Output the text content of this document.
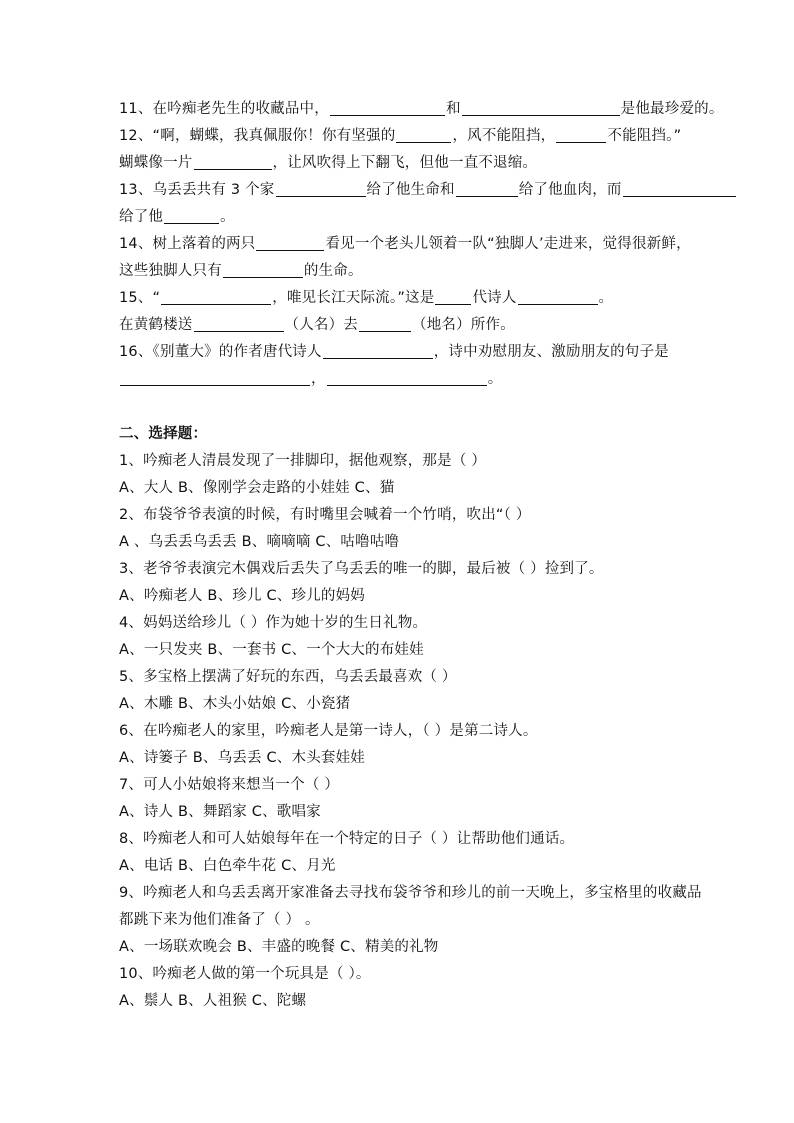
11、在吟痴老先生的收藏品中，	和	是他最珍爱的。
12、“啊，蝴蝶，我真佩服你！你有坚强的	，风不能阻挡，	不能阻挡。”
蝴蝶像一片	，让风吹得上下翻飞，但他一直不退缩。
13、乌丢丢共有 3 个家	给了他生命和	给了他血肉，而
给了他	。
14、树上落着的两只	看见一个老头儿领着一队“独脚人’走进来，觉得很新鲜，
这些独脚人只有	的生命。
15、“	，唯见长江天际流。”这是	代诗人	。
在黄鹤楼送	（人名）去	（地名）所作。
16、《别董大》的作者唐代诗人	，诗中劝慰朋友、激励朋友的句子是
，	。
二、选择题：
1、吟痴老人清晨发现了一排脚印，据他观察，那是（ ）
A、大人 B、像刚学会走路的小娃娃 C、猫
2、布袋爷爷表演的时候，有时嘴里会喊着一个竹哨，吹出“（ ）
A 、乌丢丢乌丢丢 B、嘀嘀嘀 C、咕噜咕噜
3、老爷爷表演完木偶戏后丢失了乌丢丢的唯一的脚，最后被（ ）捡到了。
A、吟痴老人 B、珍儿 C、珍儿的妈妈
4、妈妈送给珍儿（ ）作为她十岁的生日礼物。
A、一只发夹 B、一套书 C、一个大大的布娃娃
5、多宝格上摆满了好玩的东西，乌丢丢最喜欢（ ）
A、木雕 B、木头小姑娘 C、小瓷猪
6、在吟痴老人的家里，吟痴老人是第一诗人，（ ）是第二诗人。
A、诗篓子 B、乌丢丢 C、木头套娃娃
7、可人小姑娘将来想当一个（ ）
A、诗人 B、舞蹈家 C、歌唱家
8、吟痴老人和可人姑娘每年在一个特定的日子（ ）让帮助他们通话。
A、电话 B、白色牵牛花 C、月光
9、吟痴老人和乌丢丢离开家准备去寻找布袋爷爷和珍儿的前一天晚上，多宝格里的收藏品
都跳下来为他们准备了（ ） 。
A、一场联欢晚会 B、丰盛的晚餐 C、精美的礼物
10、吟痴老人做的第一个玩具是（ ）。
A、鬃人 B、人祖猴 C、陀螺
